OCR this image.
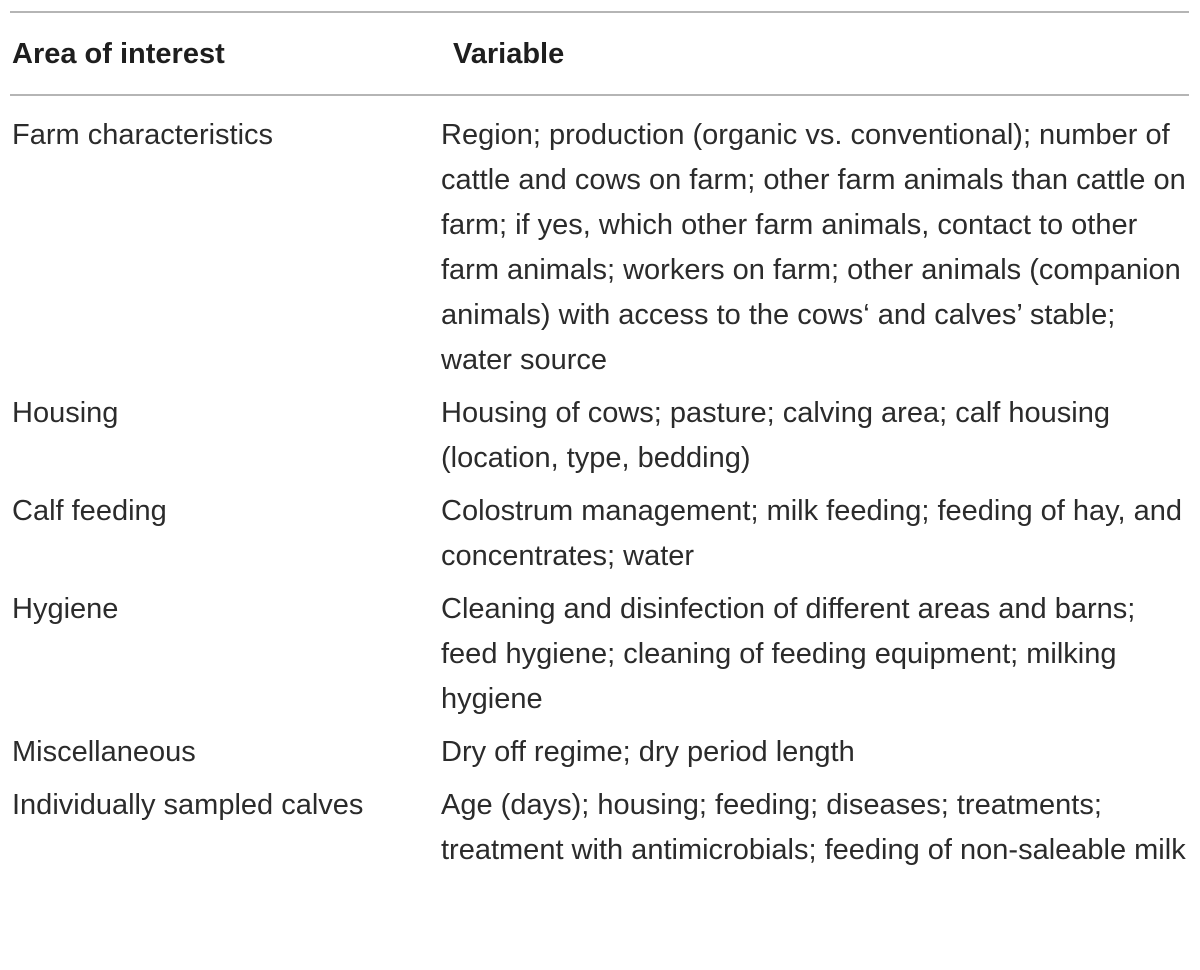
Area of interest	Variable
Farm characteristics	Region; production (organic vs. conventional); number of cattle and cows on farm; other farm animals than cattle on farm; if yes, which other farm animals, contact to other farm animals; workers on farm; other animals (companion animals) with access to the cows‘ and calves’ stable; water source
Housing	Housing of cows; pasture; calving area; calf housing (location, type, bedding)
Calf feeding	Colostrum management; milk feeding; feeding of hay, and concentrates; water
Hygiene	Cleaning and disinfection of different areas and barns; feed hygiene; cleaning of feeding equipment; milking hygiene
Miscellaneous	Dry off regime; dry period length
Individually sampled calves	Age (days); housing; feeding; diseases; treatments; treatment with antimicrobials; feeding of non-saleable milk
